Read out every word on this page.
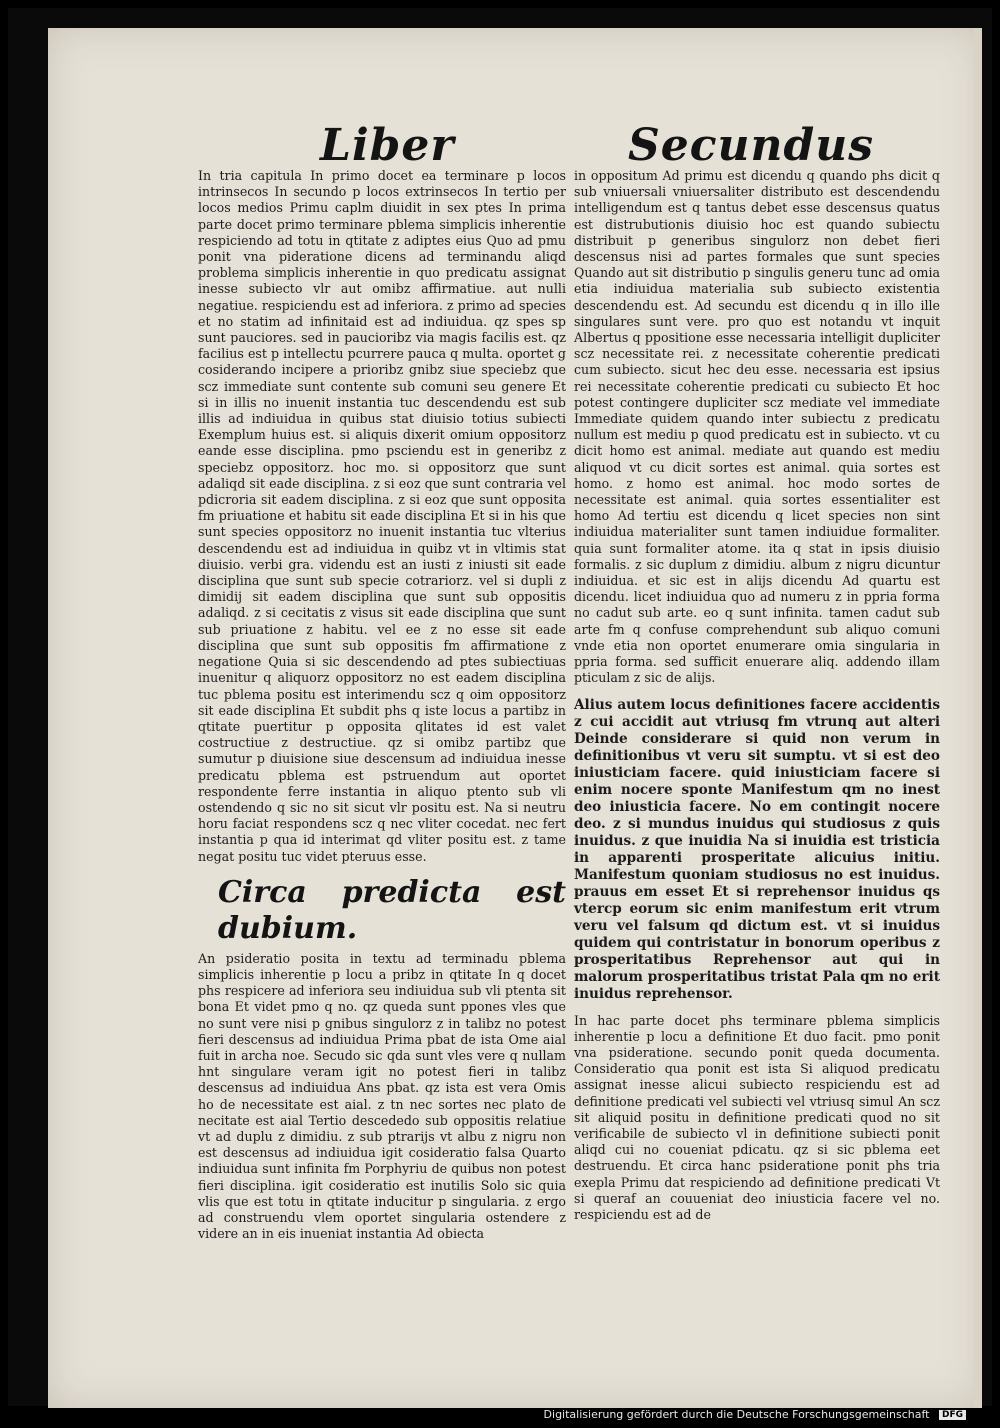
Liber	Secundus

In tria capitula In primo docet ea terminare p locos intrinsecos In secundo p locos extrinsecos In tertio per locos medios Primu caplm diuidit in sex ptes In prima parte docet primo terminare pblema simplicis inherentie respiciendo ad totu in qtitate z adiptes eius Quo ad pmu ponit vna pideratione dicens ad terminandu aliqd problema simplicis inherentie in quo predicatu assignat inesse subiecto vlr aut omibz affirmatiue. aut nulli negatiue. respiciendu est ad inferiora. z primo ad species et no statim ad infinitaid est ad indiuidua. qz spes sp sunt pauciores. sed in paucioribz via magis facilis est. qz facilius est p intellectu pcurrere pauca q multa. oportet g cosiderando incipere a prioribz gnibz siue speciebz que scz immediate sunt contente sub comuni seu genere Et si in illis no inuenit instantia tuc descendendu est sub illis ad indiuidua in quibus stat diuisio totius subiecti Exemplum huius est. si aliquis dixerit omium oppositorz eande esse disciplina. pmo psciendu est in generibz z speciebz oppositorz. hoc mo. si oppositorz que sunt adaliqd sit eade disciplina. z si eoz que sunt contraria vel pdicroria sit eadem disciplina. z si eoz que sunt opposita fm priuatione et habitu sit eade disciplina Et si in his que sunt species oppositorz no inuenit instantia tuc vlterius descendendu est ad indiuidua in quibz vt in vltimis stat diuisio. verbi gra. videndu est an iusti z iniusti sit eade disciplina que sunt sub specie cotrariorz. vel si dupli z dimidij sit eadem disciplina que sunt sub oppositis adaliqd. z si cecitatis z visus sit eade disciplina que sunt sub priuatione z habitu. vel ee z no esse sit eade disciplina que sunt sub oppositis fm affirmatione z negatione Quia si sic descendendo ad ptes subiectiuas inuenitur q aliquorz oppositorz no est eadem disciplina tuc pblema positu est interimendu scz q oim oppositorz sit eade disciplina Et subdit phs q iste locus a partibz in qtitate puertitur p opposita qlitates id est valet costructiue z destructiue. qz si omibz partibz que sumutur p diuisione siue descensum ad indiuidua inesse predicatu pblema est pstruendum aut oportet respondente ferre instantia in aliquo ptento sub vli ostendendo q sic no sit sicut vlr positu est. Na si neutru horu faciat respondens scz q nec vliter cocedat. nec fert instantia p qua id interimat qd vliter positu est. z tame negat positu tuc videt pteruus esse.

Circa predicta est dubium.

An psideratio posita in textu ad terminadu pblema simplicis inherentie p locu a pribz in qtitate In q docet phs respicere ad inferiora seu indiuidua sub vli ptenta sit bona Et videt pmo q no. qz queda sunt ppones vles que no sunt vere nisi p gnibus singulorz z in talibz no potest fieri descensus ad indiuidua Prima pbat de ista Ome aial fuit in archa noe. Secudo sic qda sunt vles vere q nullam hnt singulare veram igit no potest fieri in talibz descensus ad indiuidua Ans pbat. qz ista est vera Omis ho de necessitate est aial. z tn nec sortes nec plato de necitate est aial Tertio descededo sub oppositis relatiue vt ad duplu z dimidiu. z sub ptrarijs vt albu z nigru non est descensus ad indiuidua igit cosideratio falsa Quarto indiuidua sunt infinita fm Porphyriu de quibus non potest fieri disciplina. igit cosideratio est inutilis Solo sic quia vlis que est totu in qtitate inducitur p singularia. z ergo ad construendu vlem oportet singularia ostendere z videre an in eis inueniat instantia Ad obiecta

in oppositum Ad primu est dicendu q quando phs dicit q sub vniuersali vniuersaliter distributo est descendendu intelligendum est q tantus debet esse descensus quatus est distrubutionis diuisio hoc est quando subiectu distribuit p generibus singulorz non debet fieri descensus nisi ad partes formales que sunt species Quando aut sit distributio p singulis generu tunc ad omia etia indiuidua materialia sub subiecto existentia descendendu est. Ad secundu est dicendu q in illo ille singulares sunt vere. pro quo est notandu vt inquit Albertus q ppositione esse necessaria intelligit dupliciter scz necessitate rei. z necessitate coherentie predicati cum subiecto. sicut hec deu esse. necessaria est ipsius rei necessitate coherentie predicati cu subiecto Et hoc potest contingere dupliciter scz mediate vel immediate Immediate quidem quando inter subiectu z predicatu nullum est mediu p quod predicatu est in subiecto. vt cu dicit homo est animal. mediate aut quando est mediu aliquod vt cu dicit sortes est animal. quia sortes est homo. z homo est animal. hoc modo sortes de necessitate est animal. quia sortes essentialiter est homo Ad tertiu est dicendu q licet species non sint indiuidua materialiter sunt tamen indiuidue formaliter. quia sunt formaliter atome. ita q stat in ipsis diuisio formalis. z sic duplum z dimidiu. album z nigru dicuntur indiuidua. et sic est in alijs dicendu Ad quartu est dicendu. licet indiuidua quo ad numeru z in ppria forma no cadut sub arte. eo q sunt infinita. tamen cadut sub arte fm q confuse comprehendunt sub aliquo comuni vnde etia non oportet enumerare omia singularia in ppria forma. sed sufficit enuerare aliq. addendo illam pticulam z sic de alijs.

Alius autem locus definitiones facere accidentis z cui accidit aut vtriusq fm vtrunq aut alteri Deinde considerare si quid non verum in definitionibus vt veru sit sumptu. vt si est deo iniusticiam facere. quid iniusticiam facere si enim nocere sponte Manifestum qm no inest deo iniusticia facere. No em contingit nocere deo. z si mundus inuidus qui studiosus z quis inuidus. z que inuidia Na si inuidia est tristicia in apparenti prosperitate alicuius initiu. Manifestum quoniam studiosus no est inuidus. prauus em esset Et si reprehensor inuidus qs vtercp eorum sic enim manifestum erit vtrum veru vel falsum qd dictum est. vt si inuidus quidem qui contristatur in bonorum operibus z prosperitatibus Reprehensor aut qui in malorum prosperitatibus tristat Pala qm no erit inuidus reprehensor.

In hac parte docet phs terminare pblema simplicis inherentie p locu a definitione Et duo facit. pmo ponit vna psideratione. secundo ponit queda documenta. Consideratio qua ponit est ista Si aliquod predicatu assignat inesse alicui subiecto respiciendu est ad definitione predicati vel subiecti vel vtriusq simul An scz sit aliquid positu in definitione predicati quod no sit verificabile de subiecto vl in definitione subiecti ponit aliqd cui no coueniat pdicatu. qz si sic pblema eet destruendu. Et circa hanc psideratione ponit phs tria exepla Primu dat respiciendo ad definitione predicati Vt si queraf an couueniat deo iniusticia facere vel no. respiciendu est ad de

Digitalisierung gefördert durch die Deutsche Forschungsgemeinschaft DFG
